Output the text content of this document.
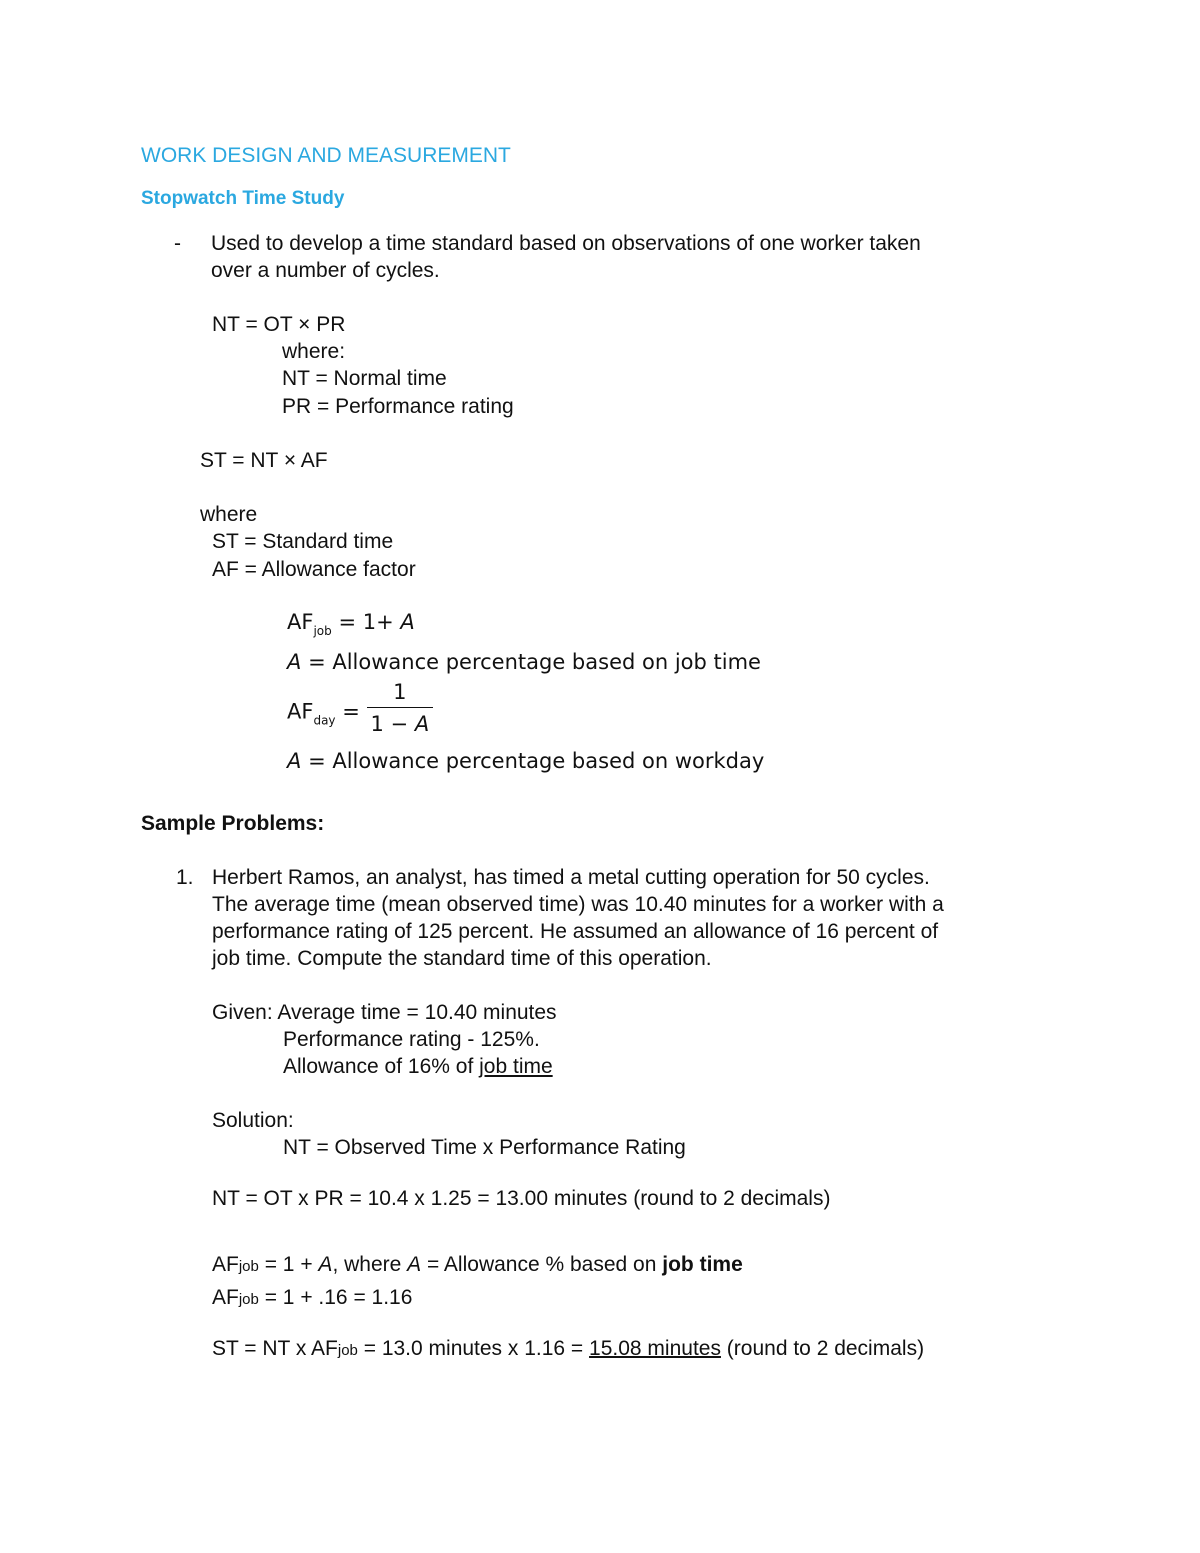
WORK DESIGN AND MEASUREMENT
Stopwatch Time Study
- Used to develop a time standard based on observations of one worker taken
over a number of cycles.
NT = OT × PR
where:
NT = Normal time
PR = Performance rating
ST = NT × AF
where
ST = Standard time
AF = Allowance factor
$AF_{job} = 1+ A$
A = Allowance percentage based on job time
$AF_{day} = \frac{1}{1 - A}$
A = Allowance percentage based on workday
Sample Problems:
1. Herbert Ramos, an analyst, has timed a metal cutting operation for 50 cycles.
The average time (mean observed time) was 10.40 minutes for a worker with a
performance rating of 125 percent. He assumed an allowance of 16 percent of
job time. Compute the standard time of this operation.
Given: Average time = 10.40 minutes
Performance rating - 125%.
Allowance of 16% of job time
Solution:
NT = Observed Time x Performance Rating
NT = OT x PR = 10.4 x 1.25 = 13.00 minutes (round to 2 decimals)
AFjob = 1 + A, where A = Allowance % based on job time
AFjob = 1 + .16 = 1.16
ST = NT x AFjob = 13.0 minutes x 1.16 = 15.08 minutes (round to 2 decimals)
